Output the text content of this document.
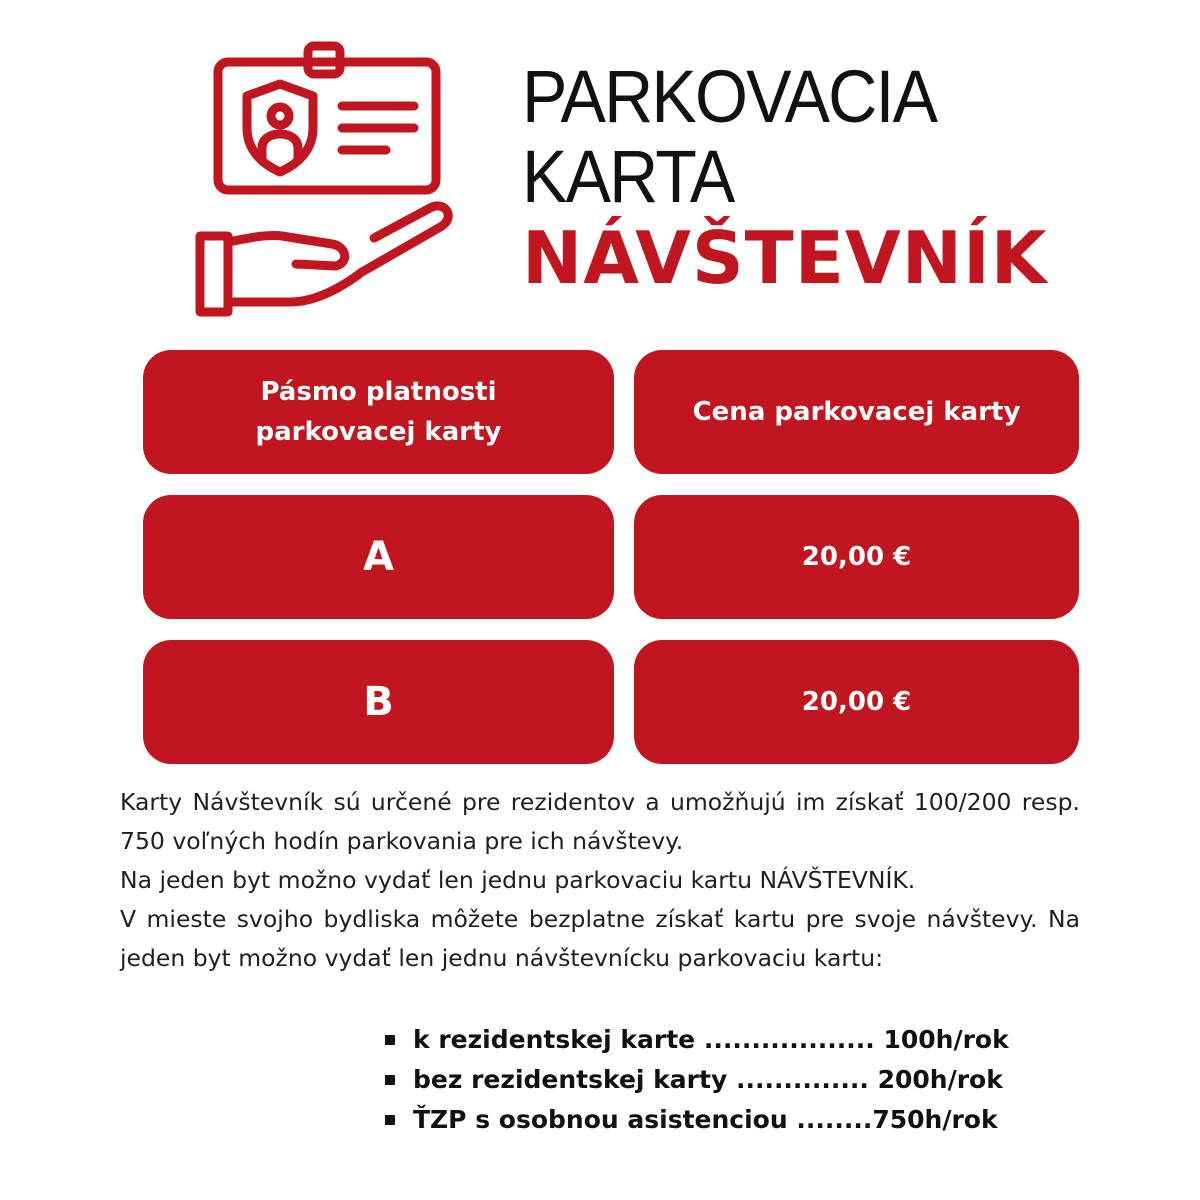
PARKOVACIA
KARTA
NÁVŠTEVNÍK
Pásmo platnosti parkovacej karty
Cena parkovacej karty
A	20,00 €
B	20,00 €

Karty Návštevník sú určené pre rezidentov a umožňujú im získať 100/200 resp. 750 voľných hodín parkovania pre ich návštevy.

Na jeden byt možno vydať len jednu parkovaciu kartu NÁVŠTEVNÍK.

V mieste svojho bydliska môžete bezplatne získať kartu pre svoje návštevy. Na jeden byt možno vydať len jednu návštevnícku parkovaciu kartu:

k rezidentskej karte .................. 100h/rok
bez rezidentskej karty .............. 200h/rok
ŤZP s osobnou asistenciou ........750h/rok
